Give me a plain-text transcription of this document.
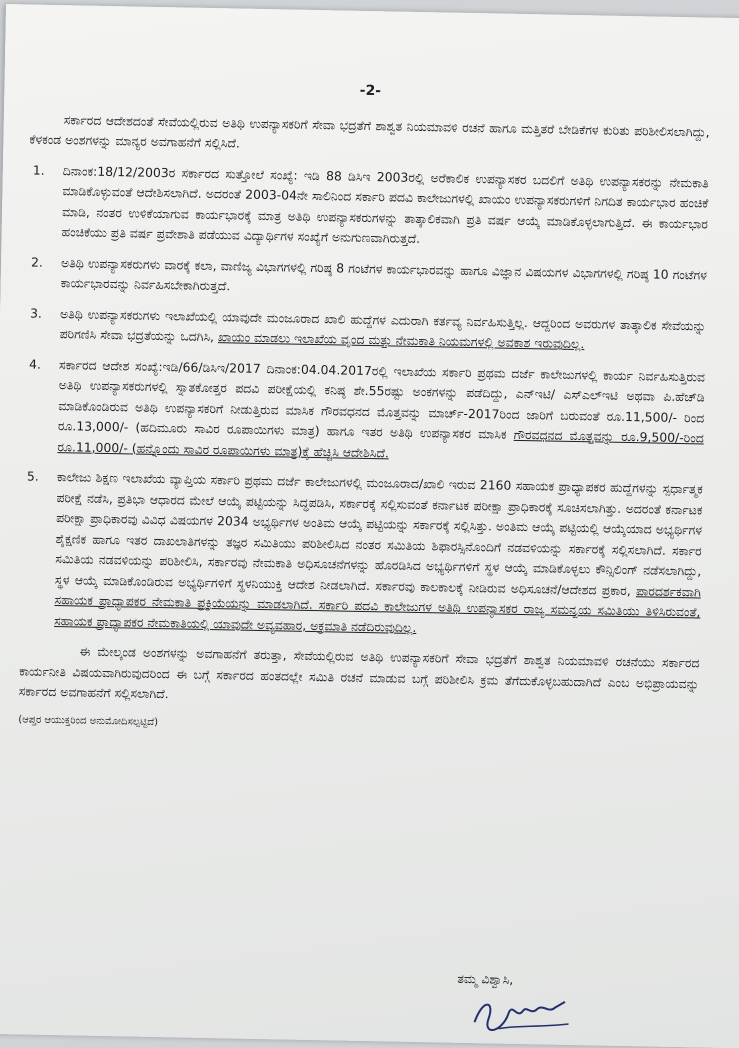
-2-

ಸರ್ಕಾರದ ಆದೇಶದಂತೆ ಸೇವೆಯಲ್ಲಿರುವ ಅತಿಥಿ ಉಪನ್ಯಾಸಕರಿಗೆ ಸೇವಾ ಭದ್ರತೆಗೆ ಶಾಶ್ವತ ನಿಯಮಾವಳಿ ರಚನೆ ಹಾಗೂ ಮತ್ತಿತರೆ ಬೇಡಿಕೆಗಳ ಕುರಿತು ಪರಿಶೀಲಿಸಲಾಗಿದ್ದು, ಕೆಳಕಂಡ ಅಂಶಗಳನ್ನು ಮಾನ್ಯರ ಅವಗಾಹನೆಗೆ ಸಲ್ಲಿಸಿದೆ.

1.	ದಿನಾಂಕ:18/12/2003ರ ಸರ್ಕಾರದ ಸುತ್ತೋಲೆ ಸಂಖ್ಯೆ: ಇಡಿ 88 ಡಿಸಿಇ 2003ರಲ್ಲಿ ಅರೆಕಾಲಿಕ ಉಪನ್ಯಾಸಕರ ಬದಲಿಗೆ ಅತಿಥಿ ಉಪನ್ಯಾಸಕರನ್ನು ನೇಮಕಾತಿ ಮಾಡಿಕೊಳ್ಳುವಂತೆ ಆದೇಶಿಸಲಾಗಿದೆ. ಅದರಂತೆ 2003-04ನೇ ಸಾಲಿನಿಂದ ಸರ್ಕಾರಿ ಪದವಿ ಕಾಲೇಜುಗಳಲ್ಲಿ ಖಾಯಂ ಉಪನ್ಯಾಸಕರುಗಳಿಗೆ ನಿಗದಿತ ಕಾರ್ಯಭಾರ ಹಂಚಿಕೆ ಮಾಡಿ, ನಂತರ ಉಳಿಕೆಯಾಗುವ ಕಾರ್ಯಭಾರಕ್ಕೆ ಮಾತ್ರ ಅತಿಥಿ ಉಪನ್ಯಾಸಕರುಗಳನ್ನು ತಾತ್ಕಾಲಿಕವಾಗಿ ಪ್ರತಿ ವರ್ಷ ಆಯ್ಕೆ ಮಾಡಿಕೊಳ್ಳಲಾಗುತ್ತಿದೆ. ಈ ಕಾರ್ಯಭಾರ ಹಂಚಿಕೆಯು ಪ್ರತಿ ವರ್ಷ ಪ್ರವೇಶಾತಿ ಪಡೆಯುವ ವಿದ್ಯಾರ್ಥಿಗಳ ಸಂಖ್ಯೆಗೆ ಅನುಗುಣವಾಗಿರುತ್ತದೆ.
2.	ಅತಿಥಿ ಉಪನ್ಯಾಸಕರುಗಳು ವಾರಕ್ಕೆ ಕಲಾ, ವಾಣಿಜ್ಯ ವಿಭಾಗಗಳಲ್ಲಿ ಗರಿಷ್ಠ 8 ಗಂಟೆಗಳ ಕಾರ್ಯಭಾರವನ್ನು ಹಾಗೂ ವಿಜ್ಞಾನ ವಿಷಯಗಳ ವಿಭಾಗಗಳಲ್ಲಿ ಗರಿಷ್ಠ 10 ಗಂಟೆಗಳ ಕಾರ್ಯಭಾರವನ್ನು ನಿರ್ವಹಿಸಬೇಕಾಗಿರುತ್ತದೆ.
3.	ಅತಿಥಿ ಉಪನ್ಯಾಸಕರುಗಳು ಇಲಾಖೆಯಲ್ಲಿ ಯಾವುದೇ ಮಂಜೂರಾದ ಖಾಲಿ ಹುದ್ದೆಗಳ ಎದುರಾಗಿ ಕರ್ತವ್ಯ ನಿರ್ವಹಿಸುತ್ತಿಲ್ಲ. ಆದ್ದರಿಂದ ಅವರುಗಳ ತಾತ್ಕಾಲಿಕ ಸೇವೆಯನ್ನು ಪರಿಗಣಿಸಿ ಸೇವಾ ಭದ್ರತೆಯನ್ನು ಒದಗಿಸಿ, ಖಾಯಂ ಮಾಡಲು ಇಲಾಖೆಯ ವೃಂದ ಮತ್ತು ನೇಮಕಾತಿ ನಿಯಮಗಳಲ್ಲಿ ಅವಕಾಶ ಇರುವುದಿಲ್ಲ.
4.	ಸರ್ಕಾರದ ಆದೇಶ ಸಂಖ್ಯೆ:ಇಡಿ/66/ಡಿಸಿಇ/2017 ದಿನಾಂಕ:04.04.2017ರಲ್ಲಿ ಇಲಾಖೆಯ ಸರ್ಕಾರಿ ಪ್ರಥಮ ದರ್ಜೆ ಕಾಲೇಜುಗಳಲ್ಲಿ ಕಾರ್ಯ ನಿರ್ವಹಿಸುತ್ತಿರುವ ಅತಿಥಿ ಉಪನ್ಯಾಸಕರುಗಳಲ್ಲಿ ಸ್ನಾತಕೋತ್ತರ ಪದವಿ ಪರೀಕ್ಷೆಯಲ್ಲಿ ಕನಿಷ್ಠ ಶೇ.55ರಷ್ಟು ಅಂಕಗಳನ್ನು ಪಡೆದಿದ್ದು, ಎನ್‌ಇಟಿ/ ಎಸ್‌ಎಲ್‌ಇಟಿ ಅಥವಾ ಪಿ.ಹೆಚ್‌ಡಿ ಮಾಡಿಕೊಂಡಿರುವ ಅತಿಥಿ ಉಪನ್ಯಾಸಕರಿಗೆ ನೀಡುತ್ತಿರುವ ಮಾಸಿಕ ಗೌರವಧನದ ಮೊತ್ತವನ್ನು ಮಾರ್ಚ್-2017ರಿಂದ ಜಾರಿಗೆ ಬರುವಂತೆ ರೂ.11,500/- ರಿಂದ ರೂ.13,000/- (ಹದಿಮೂರು ಸಾವಿರ ರೂಪಾಯಿಗಳು ಮಾತ್ರ) ಹಾಗೂ ಇತರ ಅತಿಥಿ ಉಪನ್ಯಾಸಕರ ಮಾಸಿಕ ಗೌರವಧನದ ಮೊತ್ತವನ್ನು ರೂ.9,500/-ರಿಂದ ರೂ.11,000/- (ಹನ್ನೊಂದು ಸಾವಿರ ರೂಪಾಯಿಗಳು ಮಾತ್ರ)ಕ್ಕೆ ಹೆಚ್ಚಿಸಿ ಆದೇಶಿಸಿದೆ.
5.	ಕಾಲೇಜು ಶಿಕ್ಷಣ ಇಲಾಖೆಯ ವ್ಯಾಪ್ತಿಯ ಸರ್ಕಾರಿ ಪ್ರಥಮ ದರ್ಜೆ ಕಾಲೇಜುಗಳಲ್ಲಿ ಮಂಜೂರಾದ/ಖಾಲಿ ಇರುವ 2160 ಸಹಾಯಕ ಪ್ರಾಧ್ಯಾಪಕರ ಹುದ್ದೆಗಳನ್ನು ಸ್ಪರ್ಧಾತ್ಮಕ ಪರೀಕ್ಷೆ ನಡೆಸಿ, ಪ್ರತಿಭಾ ಆಧಾರದ ಮೇಲೆ ಆಯ್ಕೆ ಪಟ್ಟಿಯನ್ನು ಸಿದ್ಧಪಡಿಸಿ, ಸರ್ಕಾರಕ್ಕೆ ಸಲ್ಲಿಸುವಂತೆ ಕರ್ನಾಟಕ ಪರೀಕ್ಷಾ ಪ್ರಾಧಿಕಾರಕ್ಕೆ ಸೂಚಿಸಲಾಗಿತ್ತು. ಅದರಂತೆ ಕರ್ನಾಟಕ ಪರೀಕ್ಷಾ ಪ್ರಾಧಿಕಾರವು ವಿವಿಧ ವಿಷಯಗಳ 2034 ಅಭ್ಯರ್ಥಿಗಳ ಅಂತಿಮ ಆಯ್ಕೆ ಪಟ್ಟಿಯನ್ನು ಸರ್ಕಾರಕ್ಕೆ ಸಲ್ಲಿಸಿತ್ತು. ಅಂತಿಮ ಆಯ್ಕೆ ಪಟ್ಟಿಯಲ್ಲಿ ಆಯ್ಕೆಯಾದ ಅಭ್ಯರ್ಥಿಗಳ ಶೈಕ್ಷಣಿಕ ಹಾಗೂ ಇತರ ದಾಖಲಾತಿಗಳನ್ನು ತಜ್ಞರ ಸಮಿತಿಯು ಪರಿಶೀಲಿಸಿದ ನಂತರ ಸಮಿತಿಯ ಶಿಫಾರಸ್ಸಿನೊಂದಿಗೆ ನಡವಳಿಯನ್ನು ಸರ್ಕಾರಕ್ಕೆ ಸಲ್ಲಿಸಲಾಗಿದೆ. ಸರ್ಕಾರ ಸಮಿತಿಯ ನಡವಳಿಯನ್ನು ಪರಿಶೀಲಿಸಿ, ಸರ್ಕಾರವು ನೇಮಕಾತಿ ಅಧಿಸೂಚನೆಗಳನ್ನು ಹೊರಡಿಸಿದ ಅಭ್ಯರ್ಥಿಗಳಿಗೆ ಸ್ಥಳ ಆಯ್ಕೆ ಮಾಡಿಕೊಳ್ಳಲು ಕೌನ್ಸಿಲಿಂಗ್ ನಡೆಸಲಾಗಿದ್ದು, ಸ್ಥಳ ಆಯ್ಕೆ ಮಾಡಿಕೊಂಡಿರುವ ಅಭ್ಯರ್ಥಿಗಳಿಗೆ ಸ್ಥಳನಿಯುಕ್ತಿ ಆದೇಶ ನೀಡಲಾಗಿದೆ. ಸರ್ಕಾರವು ಕಾಲಕಾಲಕ್ಕೆ ನೀಡಿರುವ ಅಧಿಸೂಚನೆ/ಆದೇಶದ ಪ್ರಕಾರ, ಪಾರದರ್ಶಕವಾಗಿ ಸಹಾಯಕ ಪ್ರಾಧ್ಯಾಪಕರ ನೇಮಕಾತಿ ಪ್ರಕ್ರಿಯೆಯನ್ನು ಮಾಡಲಾಗಿದೆ. ಸರ್ಕಾರಿ ಪದವಿ ಕಾಲೇಜುಗಳ ಅತಿಥಿ ಉಪನ್ಯಾಸಕರ ರಾಜ್ಯ ಸಮನ್ವಯ ಸಮಿತಿಯು ತಿಳಿಸಿರುವಂತೆ, ಸಹಾಯಕ ಪ್ರಾಧ್ಯಾಪಕರ ನೇಮಕಾತಿಯಲ್ಲಿ ಯಾವುದೇ ಅವ್ಯವಹಾರ, ಅಕ್ರಮಾತಿ ನಡೆದಿರುವುದಿಲ್ಲ.

ಈ ಮೇಲ್ಕಂಡ ಅಂಶಗಳನ್ನು ಅವಗಾಹನೆಗೆ ತರುತ್ತಾ, ಸೇವೆಯಲ್ಲಿರುವ ಅತಿಥಿ ಉಪನ್ಯಾಸಕರಿಗೆ ಸೇವಾ ಭದ್ರತೆಗೆ ಶಾಶ್ವತ ನಿಯಮಾವಳಿ ರಚನೆಯು ಸರ್ಕಾರದ ಕಾರ್ಯನೀತಿ ವಿಷಯವಾಗಿರುವುದರಿಂದ ಈ ಬಗ್ಗೆ ಸರ್ಕಾರದ ಹಂತದಲ್ಲೇ ಸಮಿತಿ ರಚನೆ ಮಾಡುವ ಬಗ್ಗೆ ಪರಿಶೀಲಿಸಿ ಕ್ರಮ ತೆಗೆದುಕೊಳ್ಳಬಹುದಾಗಿದೆ ಎಂಬ ಅಭಿಪ್ರಾಯವನ್ನು ಸರ್ಕಾರದ ಅವಗಾಹನೆಗೆ ಸಲ್ಲಿಸಲಾಗಿದೆ.

(ಆಪ್ತರ ಆಯುಕ್ತರಿಂದ ಅನುಮೋದಿಸಲ್ಪಟ್ಟಿದೆ)
ತಮ್ಮ ವಿಶ್ವಾಸಿ,
